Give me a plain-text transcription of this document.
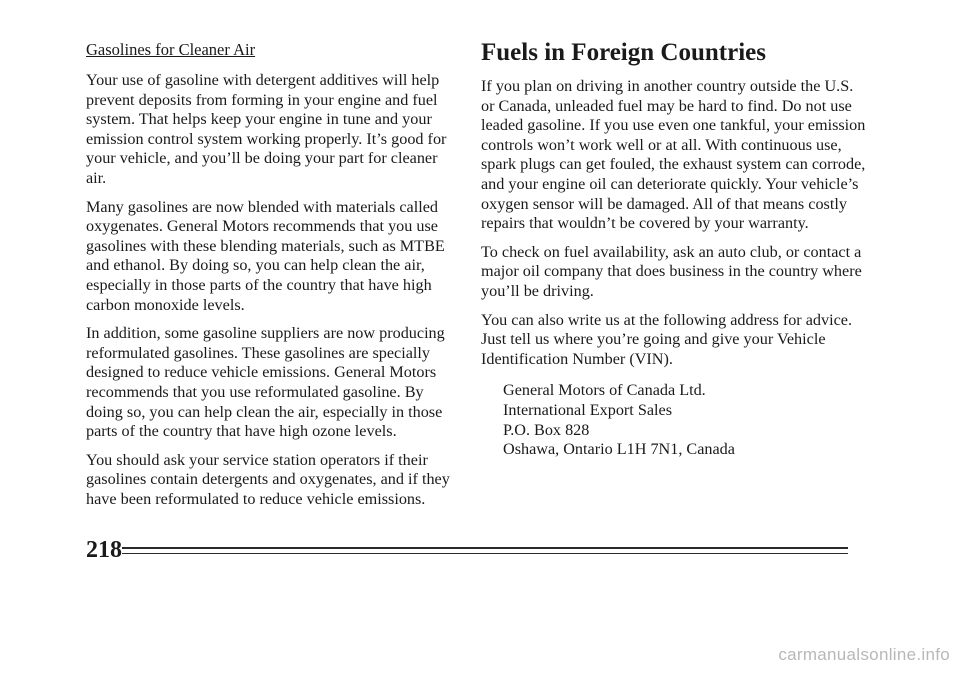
Gasolines for Cleaner Air

Your use of gasoline with detergent additives will help prevent deposits from forming in your engine and fuel system. That helps keep your engine in tune and your emission control system working properly. It’s good for your vehicle, and you’ll be doing your part for cleaner air.

Many gasolines are now blended with materials called oxygenates. General Motors recommends that you use gasolines with these blending materials, such as MTBE and ethanol. By doing so, you can help clean the air, especially in those parts of the country that have high carbon monoxide levels.

In addition, some gasoline suppliers are now producing reformulated gasolines. These gasolines are specially designed to reduce vehicle emissions. General Motors recommends that you use reformulated gasoline. By doing so, you can help clean the air, especially in those parts of the country that have high ozone levels.

You should ask your service station operators if their gasolines contain detergents and oxygenates, and if they have been reformulated to reduce vehicle emissions.

Fuels in Foreign Countries

If you plan on driving in another country outside the U.S. or Canada, unleaded fuel may be hard to find. Do not use leaded gasoline. If you use even one tankful, your emission controls won’t work well or at all. With continuous use, spark plugs can get fouled, the exhaust system can corrode, and your engine oil can deteriorate quickly. Your vehicle’s oxygen sensor will be damaged. All of that means costly repairs that wouldn’t be covered by your warranty.

To check on fuel availability, ask an auto club, or contact a major oil company that does business in the country where you’ll be driving.

You can also write us at the following address for advice. Just tell us where you’re going and give your Vehicle Identification Number (VIN).

General Motors of Canada Ltd.
International Export Sales
P.O. Box 828
Oshawa, Ontario L1H 7N1, Canada
218
carmanualsonline.info
